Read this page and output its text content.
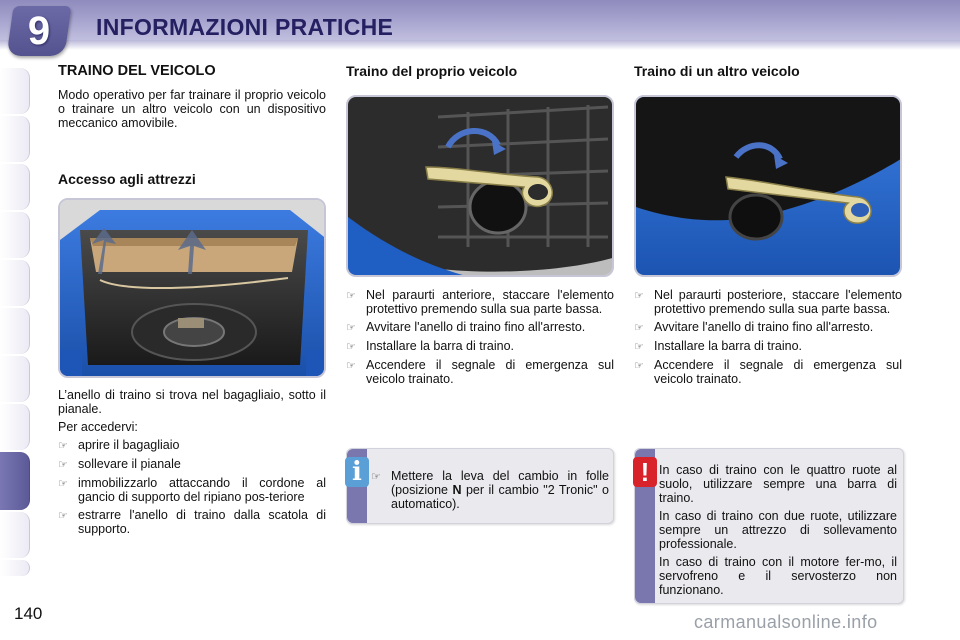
9	INFORMAZIONI PRATICHE
TRAINO DEL VEICOLO
Modo operativo per far trainare il proprio veicolo o trainare un altro veicolo con un dispositivo meccanico amovibile.
Accesso agli attrezzi

L’anello di traino si trova nel bagagliaio, sotto il pianale.

Per accedervi:

☞ aprire il bagagliaio
☞ sollevare il pianale
☞ immobilizzarlo attaccando il cordone al gancio di supporto del ripiano pos-teriore
☞ estrarre l'anello di traino dalla scatola di supporto.
Traino del proprio veicolo
☞ Nel paraurti anteriore, staccare l'elemento protettivo premendo sulla sua parte bassa.
☞ Avvitare l'anello di traino fino all'arresto.
☞ Installare la barra di traino.
☞ Accendere il segnale di emergenza sul veicolo trainato.
i ☞ Mettere la leva del cambio in folle (posizione N per il cambio "2 Tronic" o automatico).
Traino di un altro veicolo
☞ Nel paraurti posteriore, staccare l'elemento protettivo premendo sulla sua parte bassa.
☞ Avvitare l'anello di traino fino all'arresto.
☞ Installare la barra di traino.
☞ Accendere il segnale di emergenza sul veicolo trainato.
! In caso di traino con le quattro ruote al suolo, utilizzare sempre una barra di traino.

In caso di traino con due ruote, utilizzare sempre un attrezzo di sollevamento professionale.

In caso di traino con il motore fer-mo, il servofreno e il servosterzo non funzionano.

140	carmanualsonline.info
